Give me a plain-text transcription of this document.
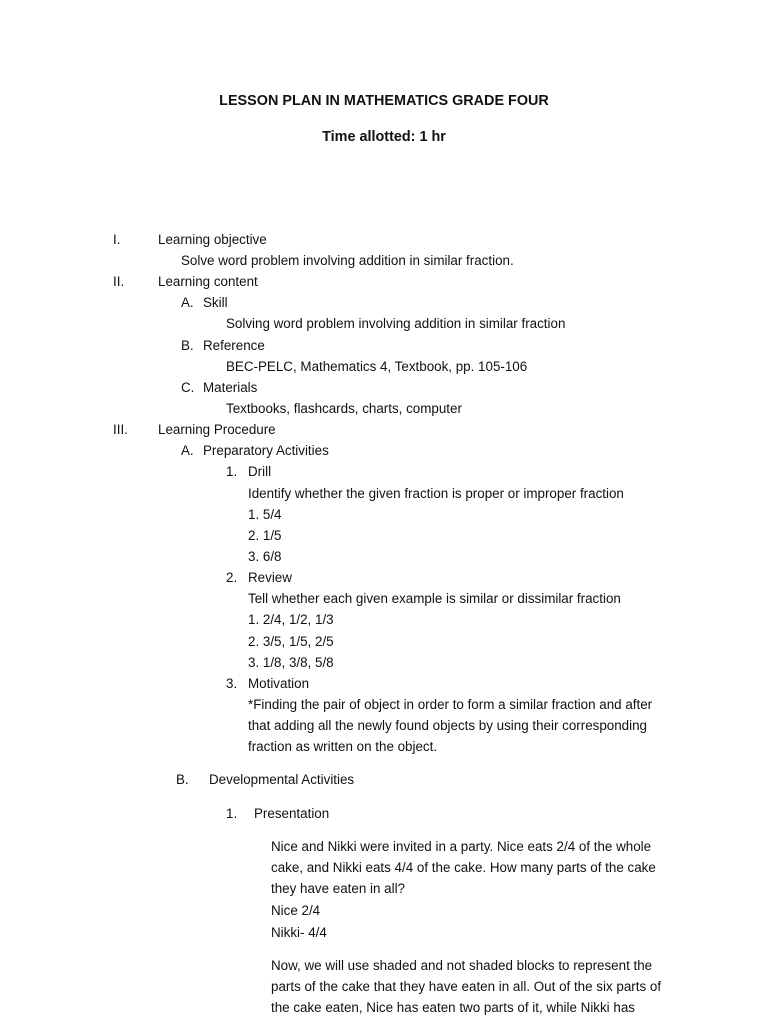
LESSON PLAN IN MATHEMATICS GRADE FOUR
Time allotted: 1 hr
I.	Learning objective
Solve word problem involving addition in similar fraction.
II.	Learning content
A. Skill
Solving word problem involving addition in similar fraction
B. Reference
BEC-PELC, Mathematics 4, Textbook, pp. 105-106
C. Materials
Textbooks, flashcards, charts, computer
III. Learning Procedure
A. Preparatory Activities
1. Drill
Identify whether the given fraction is proper or improper fraction
1. 5/4
2. 1/5
3. 6/8
2. Review
Tell whether each given example is similar or dissimilar fraction
1. 2/4, 1/2, 1/3
2. 3/5, 1/5, 2/5
3. 1/8, 3/8, 5/8
3. Motivation
*Finding the pair of object in order to form a similar fraction and after
that adding all the newly found objects by using their corresponding
fraction as written on the object.
B. Developmental Activities
1. Presentation
Nice and Nikki were invited in a party. Nice eats 2/4 of the whole
cake, and Nikki eats 4/4 of the cake. How many parts of the cake
they have eaten in all?
Nice 2/4
Nikki- 4/4
Now, we will use shaded and not shaded blocks to represent the
parts of the cake that they have eaten in all. Out of the six parts of
the cake eaten, Nice has eaten two parts of it, while Nikki has
